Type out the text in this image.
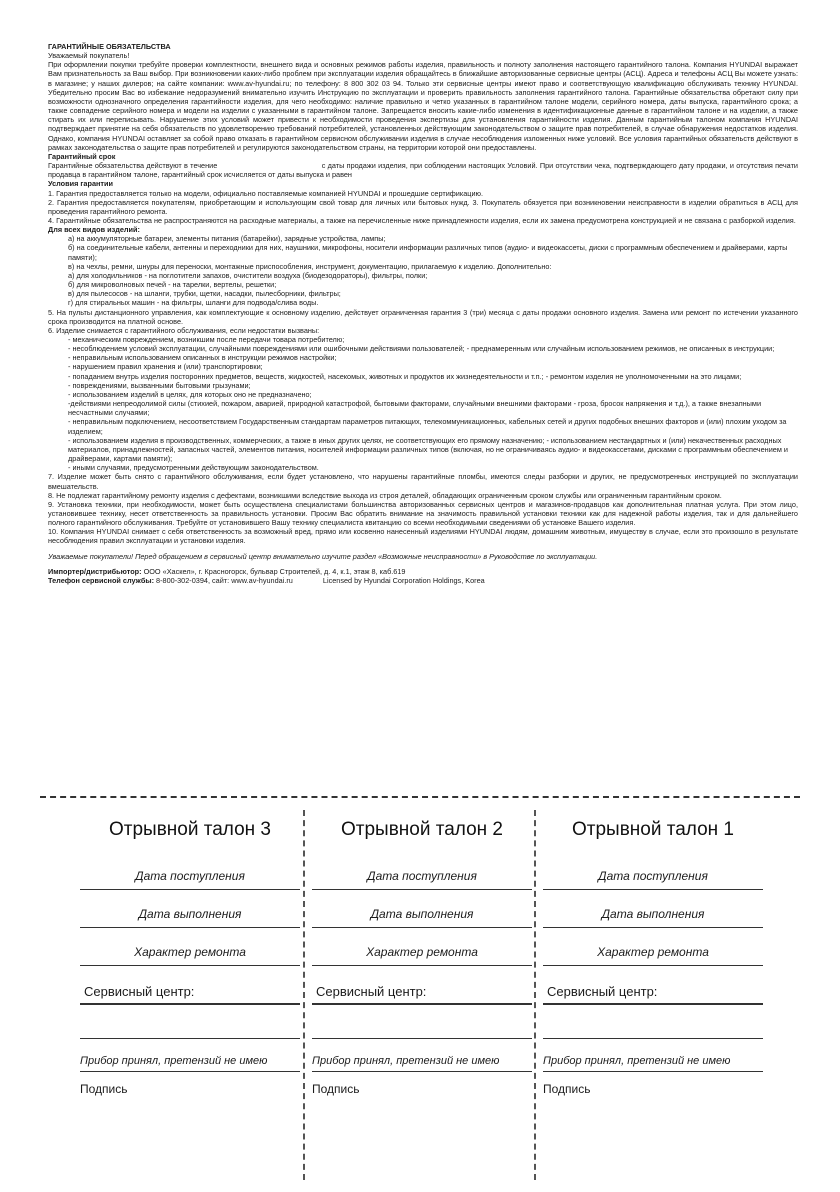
ГАРАНТИЙНЫЕ ОБЯЗАТЕЛЬСТВА

Уважаемый покупатель!

При оформлении покупки требуйте проверки комплектности, внешнего вида и основных режимов работы изделия, правильность и полноту заполнения настоящего гарантийного талона. Компания HYUNDAI выражает Вам признательность за Ваш выбор. При возникновении каких-либо проблем при эксплуатации изделия обращайтесь в ближайшие авторизованные сервисные центры (АСЦ). Адреса и телефоны АСЦ Вы можете узнать: в магазине; у наших дилеров; на сайте компании: www.av-hyundai.ru; по телефону: 8 800 302 03 94. Только эти сервисные центры имеют право и соответствующую квалификацию обслуживать технику HYUNDAI. Убедительно просим Вас во избежание недоразумений внимательно изучить Инструкцию по эксплуатации и проверить правильность заполнения гарантийного талона. Гарантийные обязательства обретают силу при возможности однозначного определения гарантийности изделия, для чего необходимо: наличие правильно и четко указанных в гарантийном талоне модели, серийного номера, даты выпуска, гарантийного срока; а также совпадение серийного номера и модели на изделии с указанными в гарантийном талоне. Запрещается вносить какие-либо изменения в идентификационные данные в гарантийном талоне и на изделии, а также стирать их или переписывать. Нарушение этих условий может привести к необходимости проведения экспертизы для установления гарантийности изделия. Данным гарантийным талоном компания HYUNDAI подтверждает принятие на себя обязательств по удовлетворению требований потребителей, установленных действующим законодательством о защите прав потребителей, в случае обнаружения недостатков изделия. Однако, компания HYUNDAI оставляет за собой право отказать в гарантийном сервисном обслуживании изделия в случае несоблюдения изложенных ниже условий. Все условия гарантийных обязательств действуют в рамках законодательства о защите прав потребителей и регулируются законодательством страны, на территории которой они предоставлены.

Гарантийный срок

Гарантийные обязательства действуют в течение                                              с даты продажи изделия, при соблюдении настоящих Условий. При отсутствии чека, подтверждающего дату продажи, и отсутствия печати продавца в гарантийном талоне, гарантийный срок исчисляется от даты выпуска и равен

Условия гарантии

1. Гарантия предоставляется только на модели, официально поставляемые компанией HYUNDAI и прошедшие сертификацию.

2. Гарантия предоставляется покупателям, приобретающим и использующим свой товар для личных или бытовых нужд. 3. Покупатель обязуется при возникновении неисправности в изделии обратиться в АСЦ для проведения гарантийного ремонта.

4. Гарантийные обязательства не распространяются на расходные материалы, а также на перечисленные ниже принадлежности изделия, если их замена предусмотрена конструкцией и не связана с разборкой изделия.

Для всех видов изделий:

а) на аккумуляторные батареи, элементы питания (батарейки), зарядные устройства, лампы;

б) на соединительные кабели, антенны и переходники для них, наушники, микрофоны, носители информации различных типов (аудио- и видеокассеты, диски с программным обеспечением и драйверами, карты памяти);

в) на чехлы, ремни, шнуры для переноски, монтажные приспособления, инструмент, документацию, прилагаемую к изделию. Дополнительно:

а) для холодильников - на поглотители запахов, очистители воздуха (биодезодораторы), фильтры, полки;

б) для микроволновых печей - на тарелки, вертелы, решетки;

в) для пылесосов - на шланги, трубки, щетки, насадки, пылесборники, фильтры;

г) для стиральных машин - на фильтры, шланги для подвода/слива воды.

5. На пульты дистанционного управления, как комплектующие к основному изделию, действует ограниченная гарантия 3 (три) месяца с даты продажи основного изделия. Замена или ремонт по истечении указанного срока производится на платной основе.

6. Изделие снимается с гарантийного обслуживания, если недостатки вызваны:

- механическим повреждением, возникшим после передачи товара потребителю;

- несоблюдением условий эксплуатации, случайными повреждениями или ошибочными действиями пользователей; - преднамеренным или случайным использованием режимов, не описанных в инструкции;

- неправильным использованием описанных в инструкции режимов настройки;

- нарушением правил хранения и (или) транспортировки;

- попаданием внутрь изделия посторонних предметов, веществ, жидкостей, насекомых, животных и продуктов их жизнедеятельности и т.п.; - ремонтом изделия не уполномоченными на это лицами;

- повреждениями, вызванными бытовыми грызунами;

- использованием изделий в целях, для которых оно не предназначено;

-действиями непреодолимой силы (стихией, пожаром, аварией, природной катастрофой, бытовыми факторами, случайными внешними факторами - гроза, бросок напряжения и т.д.), а также внезапными несчастными случаями;

- неправильным подключением, несоответствием Государственным стандартам параметров питающих, телекоммуникационных, кабельных сетей и других подобных внешних факторов и (или) плохим уходом за изделием;

- использованием изделия в производственных, коммерческих, а также в иных других целях, не соответствующих его прямому назначению; - использованием нестандартных и (или) некачественных расходных материалов, принадлежностей, запасных частей, элементов питания, носителей информации различных типов (включая, но не ограничиваясь аудио- и видеокассетами, дисками с программным обеспечением и драйверами, картами памяти);

- иными случаями, предусмотренными действующим законодательством.

7. Изделие может быть снято с гарантийного обслуживания, если будет установлено, что нарушены гарантийные пломбы, имеются следы разборки и других, не предусмотренных инструкцией по эксплуатации вмешательств.

8. Не подлежат гарантийному ремонту изделия с дефектами, возникшими вследствие выхода из строя деталей, обладающих ограниченным сроком службы или ограниченным гарантийным сроком.

9. Установка техники, при необходимости, может быть осуществлена специалистами большинства авторизованных сервисных центров и магазинов-продавцов как дополнительная платная услуга. При этом лицо, установившее технику, несет ответственность за правильность установки. Просим Вас обратить внимание на значимость правильной установки техники как для надежной работы изделия, так и для дальнейшего полного гарантийного обслуживания. Требуйте от установившего Вашу технику специалиста квитанцию со всеми необходимыми сведениями об установке Вашего изделия.

10. Компания HYUNDAI снимает с себя ответственность за возможный вред, прямо или косвенно нанесенный изделиями HYUNDAI людям, домашним животным, имуществу в случае, если это произошло в результате несоблюдения правил эксплуатации и установки изделия.

Уважаемые покупатели! Перед обращением в сервисный центр внимательно изучите раздел «Возможные неисправности» в Руководстве по эксплуатации.

Импортер/дистрибьютор: ООО «Хаскел», г. Красногорск, бульвар Строителей, д. 4, к.1, этаж 8, каб.619

Телефон сервисной службы: 8-800-302-0394, сайт: www.av-hyundai.ru	Licensed by Hyundai Corporation Holdings, Korea

Отрывной талон 3
Дата поступления
Дата выполнения
Характер ремонта
Сервисный центр:
Прибор принял, претензий не имею
Подпись
Отрывной талон 2
Дата поступления
Дата выполнения
Характер ремонта
Сервисный центр:
Прибор принял, претензий не имею
Подпись
Отрывной талон 1
Дата поступления
Дата выполнения
Характер ремонта
Сервисный центр:
Прибор принял, претензий не имею
Подпись
